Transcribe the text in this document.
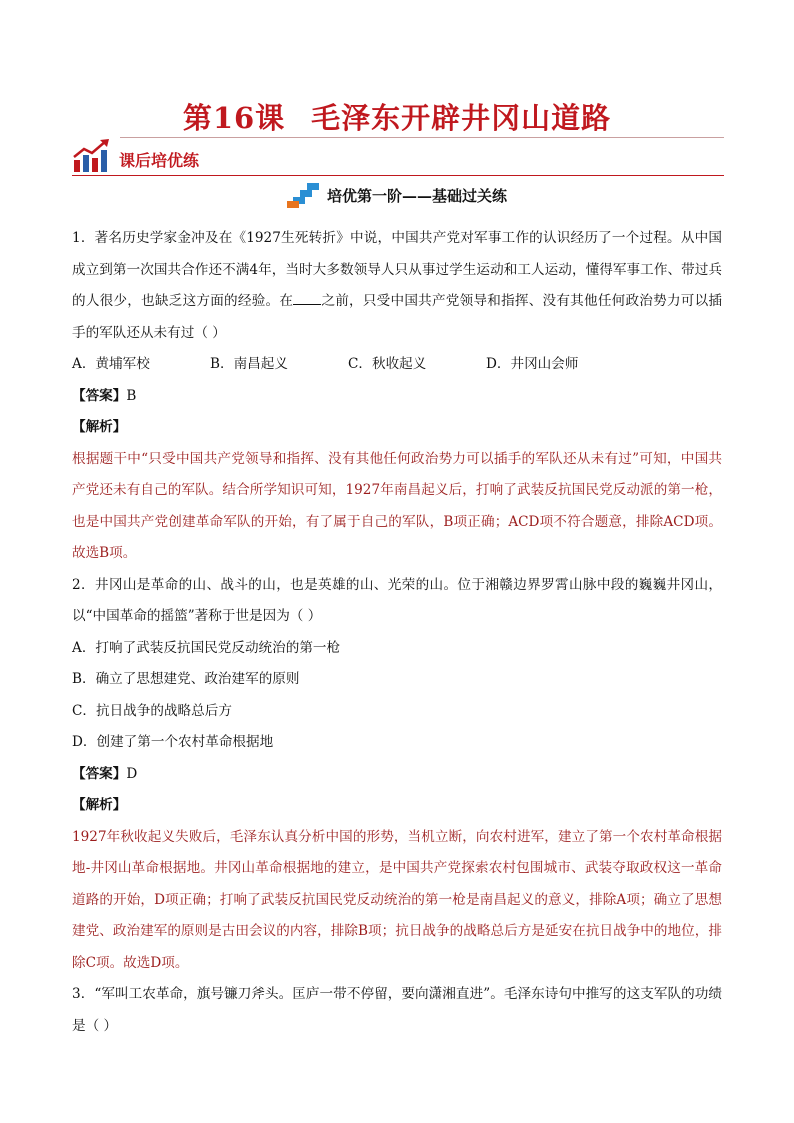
第16课 毛泽东开辟井冈山道路
课后培优练
培优第一阶——基础过关练

1．著名历史学家金冲及在《1927生死转折》中说，中国共产党对军事工作的认识经历了一个过程。从中国成立到第一次国共合作还不满4年，当时大多数领导人只从事过学生运动和工人运动，懂得军事工作、带过兵的人很少，也缺乏这方面的经验。在 之前，只受中国共产党领导和指挥、没有其他任何政治势力可以插手的军队还从未有过（ ）

A．黄埔军校	B．南昌起义	C．秋收起义	D．井冈山会师

【答案】B

【解析】

根据题干中“只受中国共产党领导和指挥、没有其他任何政治势力可以插手的军队还从未有过”可知，中国共产党还未有自己的军队。结合所学知识可知，1927年南昌起义后，打响了武装反抗国民党反动派的第一枪，也是中国共产党创建革命军队的开始，有了属于自己的军队，B项正确；ACD项不符合题意，排除ACD项。故选B项。

2．井冈山是革命的山、战斗的山，也是英雄的山、光荣的山。位于湘赣边界罗霄山脉中段的巍巍井冈山，以“中国革命的摇篮”著称于世是因为（ ）

A．打响了武装反抗国民党反动统治的第一枪

B．确立了思想建党、政治建军的原则

C．抗日战争的战略总后方

D．创建了第一个农村革命根据地

【答案】D

【解析】

1927年秋收起义失败后，毛泽东认真分析中国的形势，当机立断，向农村进军，建立了第一个农村革命根据地-井冈山革命根据地。井冈山革命根据地的建立，是中国共产党探索农村包围城市、武装夺取政权这一革命道路的开始，D项正确；打响了武装反抗国民党反动统治的第一枪是南昌起义的意义，排除A项；确立了思想建党、政治建军的原则是古田会议的内容，排除B项；抗日战争的战略总后方是延安在抗日战争中的地位，排除C项。故选D项。

3．“军叫工农革命，旗号镰刀斧头。匡庐一带不停留，要向潇湘直进”。毛泽东诗句中推写的这支军队的功绩是（ ）
